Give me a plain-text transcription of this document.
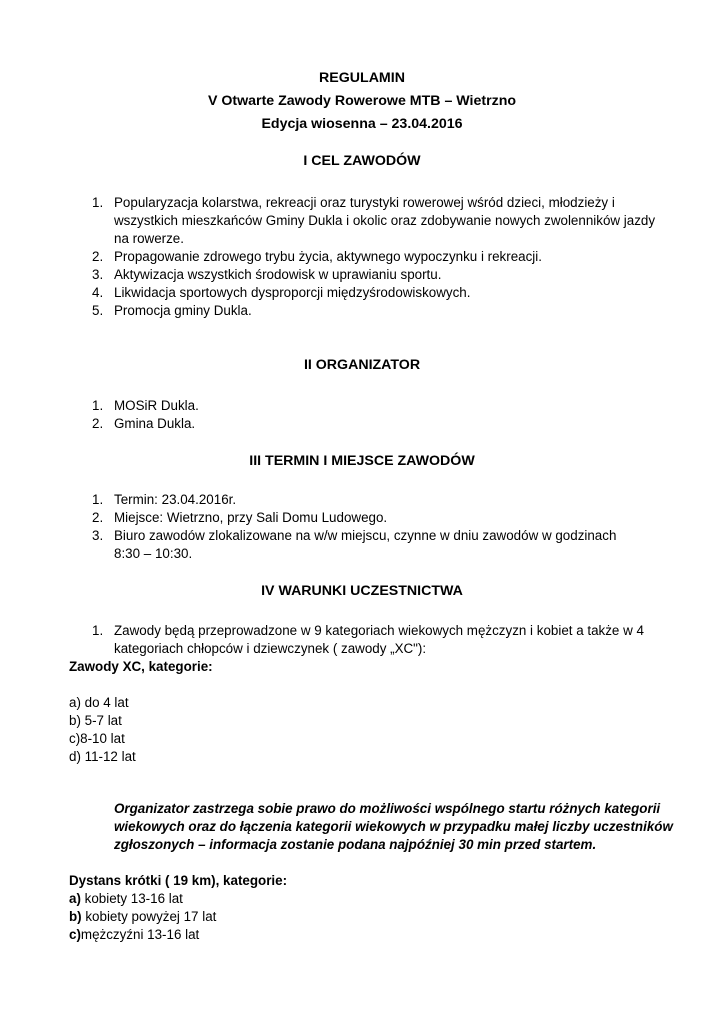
REGULAMIN
V Otwarte Zawody Rowerowe MTB – Wietrzno
Edycja wiosenna – 23.04.2016
I CEL ZAWODÓW
1. Popularyzacja kolarstwa, rekreacji oraz turystyki rowerowej wśród dzieci, młodzieży i
wszystkich mieszkańców Gminy Dukla i okolic oraz zdobywanie nowych zwolenników jazdy
na rowerze.
2. Propagowanie zdrowego trybu życia, aktywnego wypoczynku i rekreacji.
3. Aktywizacja wszystkich środowisk w uprawianiu sportu.
4. Likwidacja sportowych dysproporcji międzyśrodowiskowych.
5. Promocja gminy Dukla.
II ORGANIZATOR
1. MOSiR Dukla.
2. Gmina Dukla.
III TERMIN I MIEJSCE ZAWODÓW
1. Termin: 23.04.2016r.
2. Miejsce: Wietrzno, przy Sali Domu Ludowego.
3. Biuro zawodów zlokalizowane na w/w miejscu, czynne w dniu zawodów w godzinach
8:30 – 10:30.
IV WARUNKI UCZESTNICTWA
1. Zawody będą przeprowadzone w 9 kategoriach wiekowych mężczyzn i kobiet a także w 4
kategoriach chłopców i dziewczynek ( zawody „XC"):
Zawody XC, kategorie:
a) do 4 lat
b) 5-7 lat
c)8-10 lat
d) 11-12 lat
Organizator zastrzega sobie prawo do możliwości wspólnego startu różnych kategorii
wiekowych oraz do łączenia kategorii wiekowych w przypadku małej liczby uczestników
zgłoszonych – informacja zostanie podana najpóźniej 30 min przed startem.
Dystans krótki ( 19 km), kategorie:
a) kobiety 13-16 lat
b) kobiety powyżej 17 lat
c)mężczyźni 13-16 lat
